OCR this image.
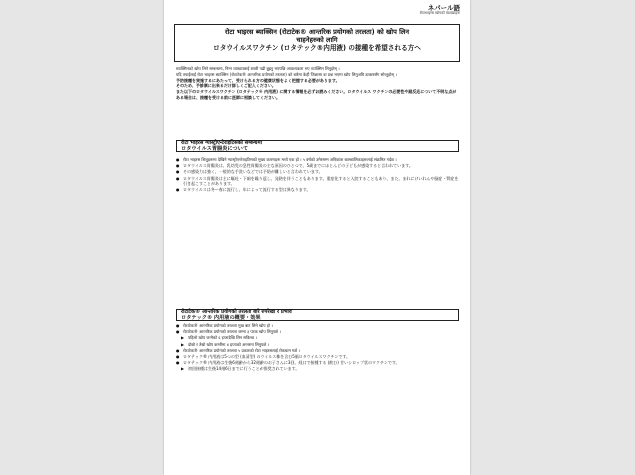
ネパール語
रोटाभाइरस खोपको व्याख्याहरू
रोटा भाइरस ब्याक्सिन (रोटाटेक® आन्तरिक प्रयोगको तरलता) को खोप लिन
चाहनेहरुको लागि
ロタウイルスワクチン (ロタテック®内用液) の接種を希望される方へ

ब्याक्सिनको खोप लिने सम्बन्धमा, निम्न व्याख्यालाई राम्ररी पढी बुझ्नु भएपछि आवश्यकता भए व्याक्सिन लिनुहोस् ।

यदि तपाईंलाई रोटा भाइरस ब्याक्सिन (रोटाटेक® आन्तरिक प्रयोगको तरलता) को बारेमा केही जिज्ञासा वा प्रश्न भएमा खोप लिनुअघि डाक्टरसँग सोध्नुहोस् ।

予防接種を実施するにあたって、受けられる方の健康状態をよく把握する必要があります。

そのため、予診票に出来るだけ詳しくご記入ください。

また以下のロタウイルスワクチン (ロタテック® 内用液) に関する情報を必ずお読みください。ロタウイルス ワクチンの必要性や副反応について不明な点がある場合は、接種を受ける前に医師に相談してください。

रोटा भाइरस ग्यास्ट्रोएन्टेराइटिसको सम्बन्धमा
ロタウイルス胃腸炎について

● रोटा भाइरस शिशुहरूमा देखिने ग्यास्ट्रोएन्टेराइटिसको मुख्य कारणहरू मध्ये एक हो । ५ वर्षको उमेरसम्म अधिकांश बालबालिकाहरूलाई संक्रमित गर्दछ ।

● ロタウイルス胃腸炎は、乳幼児の急性胃腸炎の主な原因のひとつで、5歳までにほとんどの子どもが感染すると言われています。

● その感染力は強く、一般的な手洗いなどでは予防が難しいと言われています。

● ロタウイルス胃腸炎は主に嘔吐・下痢を繰り返し、発熱を伴うこともあります。重症化すると入院することもあり、また、まれにけいれんや脳症・腎症を引き起こすことがあります。

● ロタウイルスは冬〜春に流行し、年によって流行する型は異なります。

रोटाटेक® आन्तरिक प्रयोगको तरलता बारे रुपरेखा र प्रभाव
ロタテック® 内用液の概要・効果

● रोटाटेक® आन्तरिक प्रयोगको तरलता मुख बाट लिने खोप हो ।

● रोटाटेक® आन्तरिक प्रयोगको तरलता जम्मा ३ पटक खोप लिनुपर्छ ।

▶ पहिलो खोप जन्मेको ६ हप्तादेखि लिन सकिन्छ ।

▶ दोस्रो र तेस्रो खोप कम्तीमा ४ हप्ताको अन्तरमा लिनुपर्छ ।

● रोटाटेक® आन्तरिक प्रयोगको तरलता ५ प्रकारको रोटा भाइरसलाई रोकथाम गर्छ ।

● ロタテック® 内用液は5つの型 (血清型) のウイルス株を含む5価ロタウイルスワクチンです。

● ロタテック® 内用液は生後6週齢から32週齢のお子さんに3回、経口で接種する (飲む) 甘いシロップ状のワクチンです。

▶ 初回接種は生後14週6日までに行うことが推奨されています。
